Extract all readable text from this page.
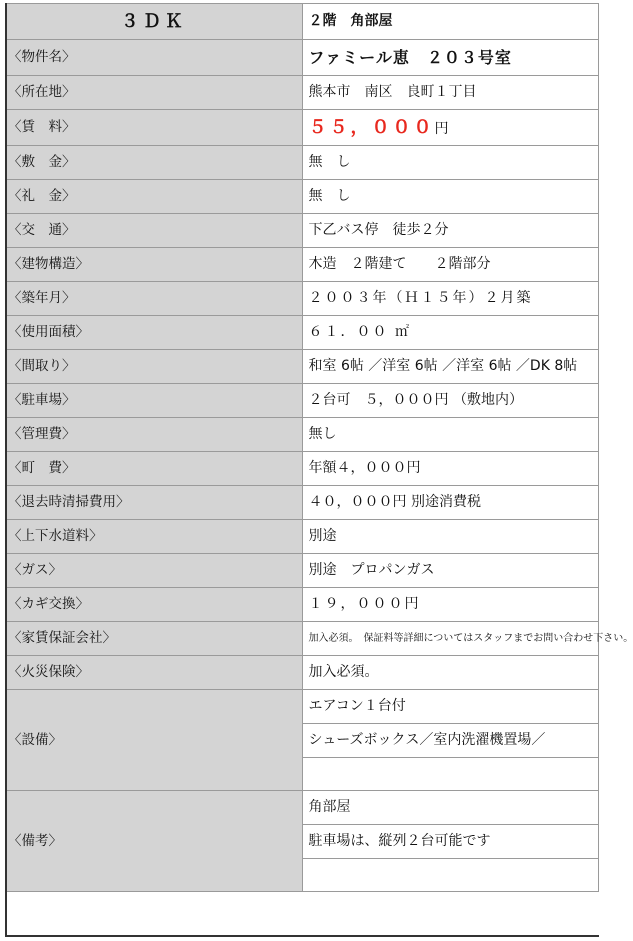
３ＤＫ	２階　角部屋
〈物件名〉	ファミール恵　２０３号室
〈所在地〉	熊本市　南区　良町１丁目
〈賃　料〉	５５，０００円
〈敷　金〉	無　し
〈礼　金〉	無　し
〈交　通〉	下乙バス停　徒歩２分
〈建物構造〉	木造　２階建て　　２階部分
〈築年月〉	２００３年（Ｈ１５年）２月築
〈使用面積〉	６１．００ ㎡
〈間取り〉	和室 6帖 ／洋室 6帖 ／洋室 6帖 ／DK 8帖
〈駐車場〉	２台可　５，０００円 （敷地内）
〈管理費〉	無し
〈町　費〉	年額４，０００円
〈退去時清掃費用〉	４０，０００円 別途消費税
〈上下水道料〉	別途
〈ガス〉	別途　プロパンガス
〈カギ交換〉	１９，０００円
〈家賃保証会社〉	加入必須。　保証料等詳細についてはスタッフまでお問い合わせ下さい。
〈火災保険〉	加入必須。
〈設備〉	エアコン１台付
	シューズボックス／室内洗濯機置場／

〈備考〉	角部屋
	駐車場は、縦列２台可能です
